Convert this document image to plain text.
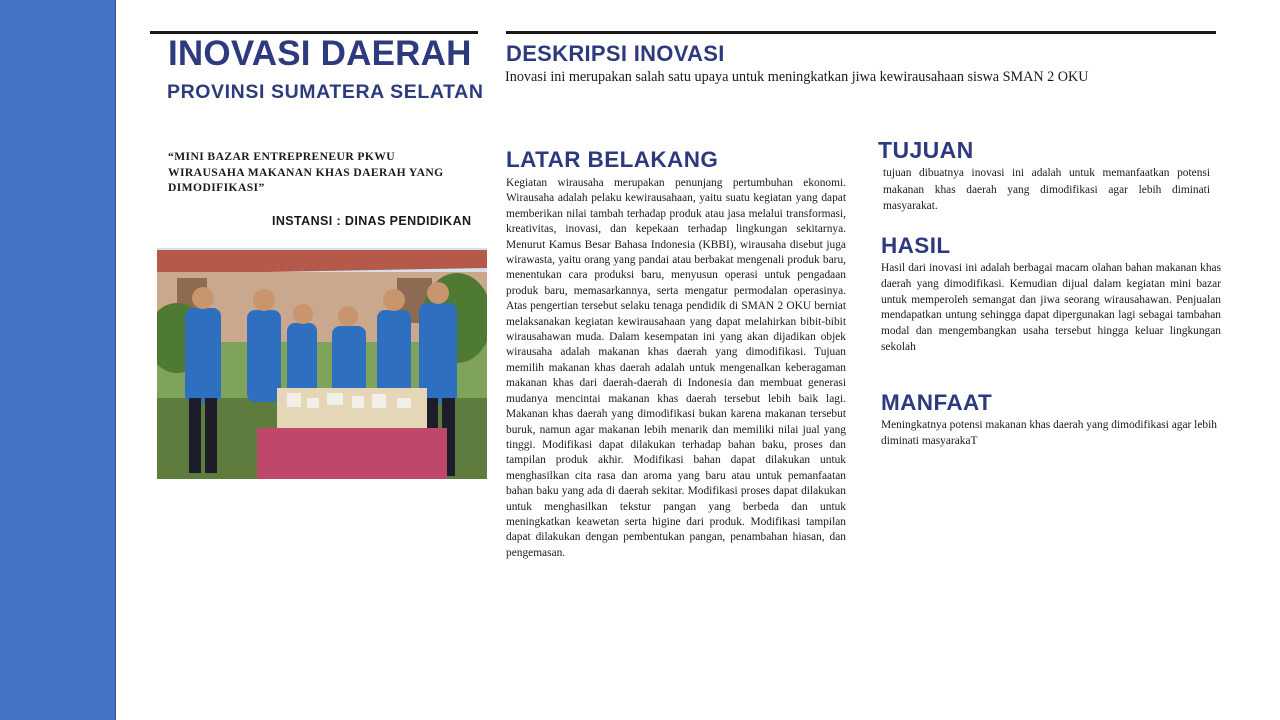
INOVASI DAERAH
PROVINSI SUMATERA SELATAN
“MINI BAZAR ENTREPRENEUR PKWU WIRAUSAHA MAKANAN KHAS DAERAH YANG DIMODIFIKASI”
INSTANSI : DINAS PENDIDIKAN
DESKRIPSI INOVASI
Inovasi ini merupakan salah satu upaya untuk meningkatkan jiwa kewirausahaan siswa SMAN 2 OKU
LATAR BELAKANG
Kegiatan wirausaha merupakan penunjang pertumbuhan ekonomi. Wirausaha adalah pelaku kewirausahaan, yaitu suatu kegiatan yang dapat memberikan nilai tambah terhadap produk atau jasa melalui transformasi, kreativitas, inovasi, dan kepekaan terhadap lingkungan sekitarnya. Menurut Kamus Besar Bahasa Indonesia (KBBI), wirausaha disebut juga wirawasta, yaitu orang yang pandai atau berbakat mengenali produk baru, menentukan cara produksi baru, menyusun operasi untuk pengadaan produk baru, memasarkannya, serta mengatur permodalan operasinya. Atas pengertian tersebut selaku tenaga pendidik di SMAN 2 OKU berniat melaksanakan kegiatan kewirausahaan yang dapat melahirkan bibit-bibit wirausahawan muda. Dalam kesempatan ini yang akan dijadikan objek wirausaha adalah makanan khas daerah yang dimodifikasi. Tujuan memilih makanan khas daerah adalah untuk mengenalkan keberagaman makanan khas dari daerah-daerah di Indonesia dan membuat generasi mudanya mencintai makanan khas daerah tersebut lebih baik lagi. Makanan khas daerah yang dimodifikasi bukan karena makanan tersebut buruk, namun agar makanan lebih menarik dan memiliki nilai jual yang tinggi. Modifikasi dapat dilakukan terhadap bahan baku, proses dan tampilan produk akhir. Modifikasi bahan dapat dilakukan untuk menghasilkan cita rasa dan aroma yang baru atau untuk pemanfaatan bahan baku yang ada di daerah sekitar. Modifikasi proses dapat dilakukan untuk menghasilkan tekstur pangan yang berbeda dan untuk meningkatkan keawetan serta higine dari produk. Modifikasi tampilan dapat dilakukan dengan pembentukan pangan, penambahan hiasan, dan pengemasan.
TUJUAN
tujuan dibuatnya inovasi ini adalah untuk memanfaatkan potensi makanan khas daerah yang dimodifikasi agar lebih diminati masyarakat.
HASIL
Hasil dari inovasi ini adalah berbagai macam olahan bahan makanan khas daerah yang dimodifikasi. Kemudian dijual dalam kegiatan mini bazar untuk memperoleh semangat dan jiwa seorang wirausahawan. Penjualan mendapatkan untung sehingga dapat dipergunakan lagi sebagai tambahan modal dan mengembangkan usaha tersebut hingga keluar lingkungan sekolah
MANFAAT
Meningkatnya potensi makanan khas daerah yang dimodifikasi agar lebih diminati masyarakaT
